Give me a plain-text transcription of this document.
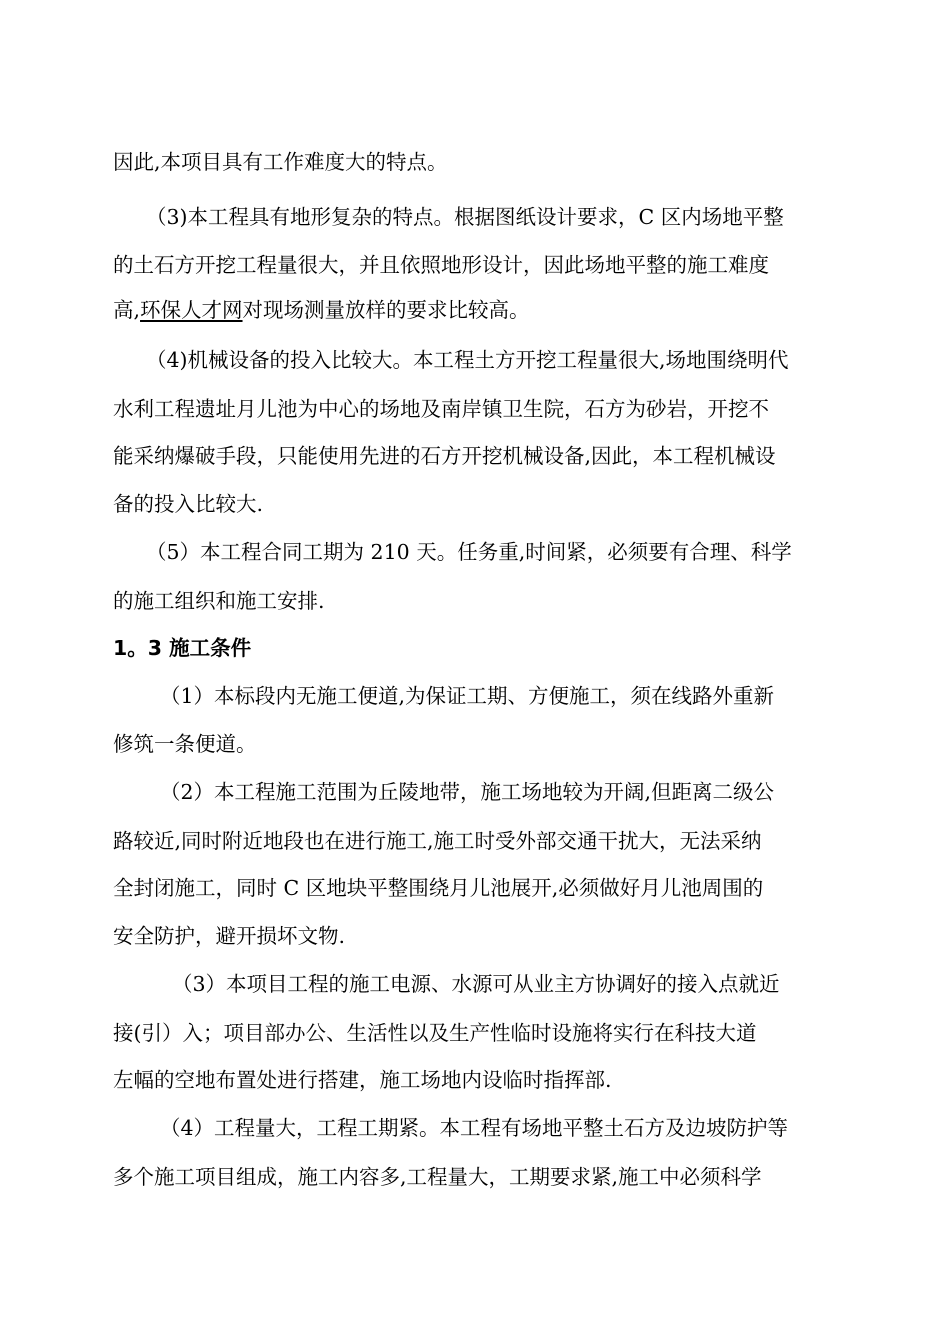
因此,本项目具有工作难度大的特点。
（3)本工程具有地形复杂的特点。根据图纸设计要求，C 区内场地平整
的土石方开挖工程量很大，并且依照地形设计，因此场地平整的施工难度
高,环保人才网对现场测量放样的要求比较高。
（4)机械设备的投入比较大。本工程土方开挖工程量很大,场地围绕明代
水利工程遗址月儿池为中心的场地及南岸镇卫生院，石方为砂岩，开挖不
能采纳爆破手段，只能使用先进的石方开挖机械设备,因此，本工程机械设
备的投入比较大.
（5）本工程合同工期为 210 天。任务重,时间紧，必须要有合理、科学
的施工组织和施工安排.
1。3 施工条件
（1）本标段内无施工便道,为保证工期、方便施工，须在线路外重新
修筑一条便道。
（2）本工程施工范围为丘陵地带，施工场地较为开阔,但距离二级公
路较近,同时附近地段也在进行施工,施工时受外部交通干扰大，无法采纳
全封闭施工，同时 C 区地块平整围绕月儿池展开,必须做好月儿池周围的
安全防护，避开损坏文物.
（3）本项目工程的施工电源、水源可从业主方协调好的接入点就近
接(引）入；项目部办公、生活性以及生产性临时设施将实行在科技大道
左幅的空地布置处进行搭建，施工场地内设临时指挥部.
（4）工程量大，工程工期紧。本工程有场地平整土石方及边坡防护等
多个施工项目组成，施工内容多,工程量大，工期要求紧,施工中必须科学
